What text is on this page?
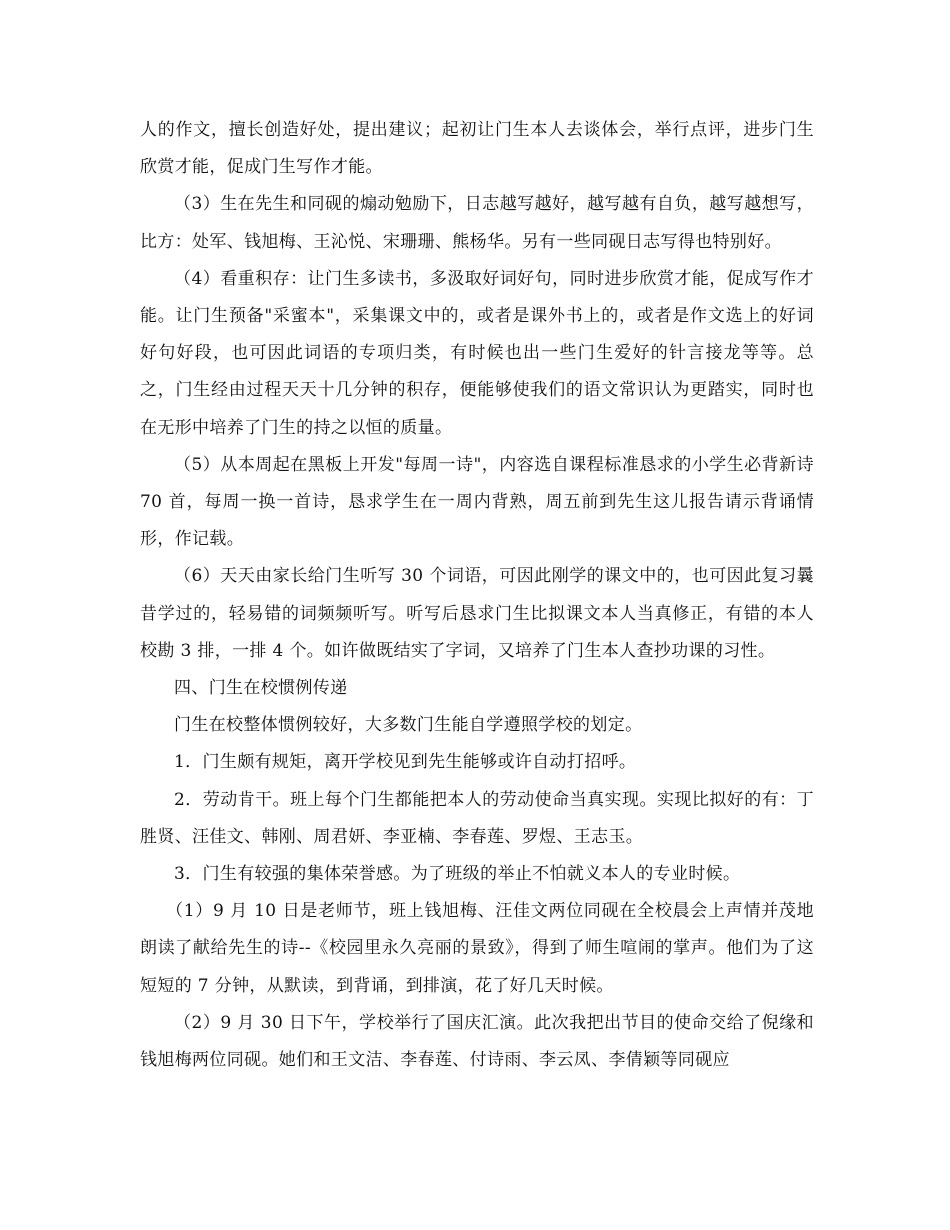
人的作文，擅长创造好处，提出建议；起初让门生本人去谈体会，举行点评，进步门生欣赏才能，促成门生写作才能。

（3）生在先生和同砚的煽动勉励下，日志越写越好，越写越有自负，越写越想写，比方：处军、钱旭梅、王沁悦、宋珊珊、熊杨华。另有一些同砚日志写得也特别好。

（4）看重积存：让门生多读书，多汲取好词好句，同时进步欣赏才能，促成写作才能。让门生预备"采蜜本"，采集课文中的，或者是课外书上的，或者是作文选上的好词好句好段，也可因此词语的专项归类，有时候也出一些门生爱好的针言接龙等等。总之，门生经由过程天天十几分钟的积存，便能够使我们的语文常识认为更踏实，同时也在无形中培养了门生的持之以恒的质量。

（5）从本周起在黑板上开发"每周一诗"，内容选自课程标准恳求的小学生必背新诗 70 首，每周一换一首诗，恳求学生在一周内背熟，周五前到先生这儿报告请示背诵情形，作记载。

（6）天天由家长给门生听写 30 个词语，可因此刚学的课文中的，也可因此复习曩昔学过的，轻易错的词频频听写。听写后恳求门生比拟课文本人当真修正，有错的本人校勘 3 排，一排 4 个。如许做既结实了字词，又培养了门生本人查抄功课的习性。

四、门生在校惯例传递

门生在校整体惯例较好，大多数门生能自学遵照学校的划定。

1．门生颇有规矩，离开学校见到先生能够或许自动打招呼。

2．劳动肯干。班上每个门生都能把本人的劳动使命当真实现。实现比拟好的有：丁胜贤、汪佳文、韩刚、周君妍、李亚楠、李春莲、罗煜、王志玉。

3．门生有较强的集体荣誉感。为了班级的举止不怕就义本人的专业时候。

（1）9 月 10 日是老师节，班上钱旭梅、汪佳文两位同砚在全校晨会上声情并茂地朗读了献给先生的诗--《校园里永久亮丽的景致》，得到了师生喧闹的掌声。他们为了这短短的 7 分钟，从默读，到背诵，到排演，花了好几天时候。

（2）9 月 30 日下午，学校举行了国庆汇演。此次我把出节目的使命交给了倪缘和钱旭梅两位同砚。她们和王文洁、李春莲、付诗雨、李云凤、李倩颖等同砚应
